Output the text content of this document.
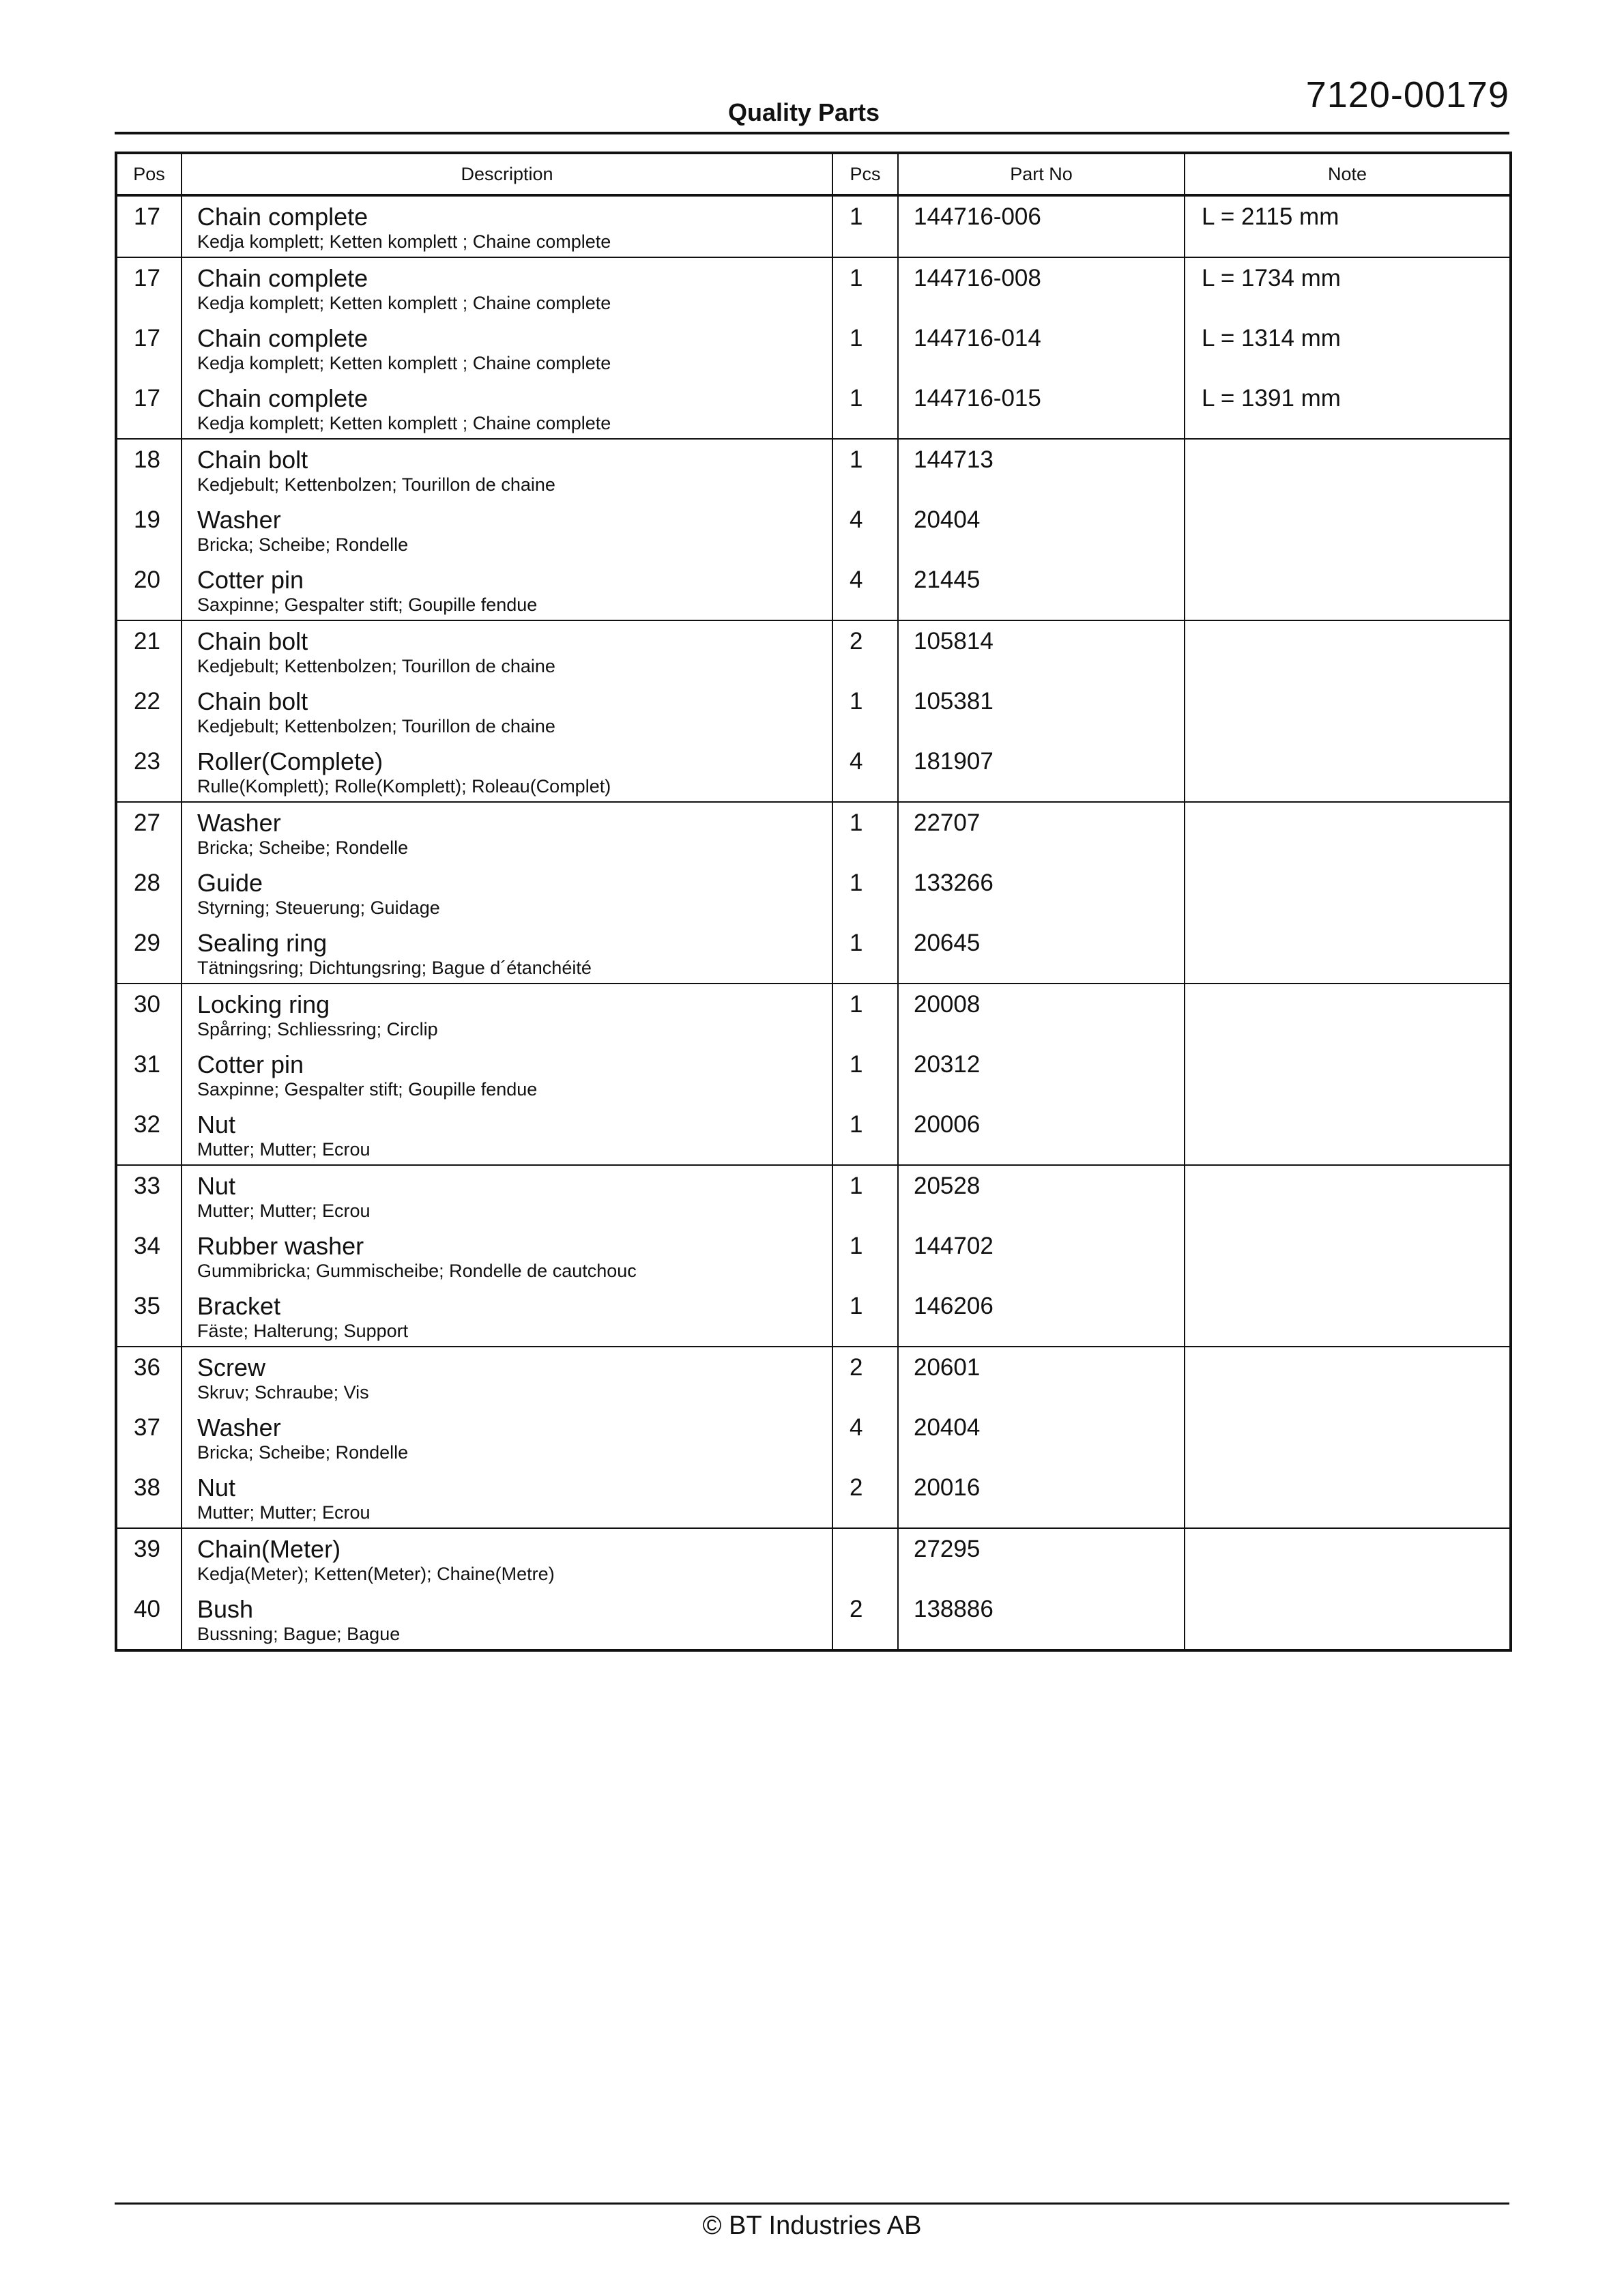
7120-00179
Quality Parts
Pos	Description	Pcs	Part No	Note

17	Chain complete
Kedja komplett; Ketten komplett ; Chaine complete	1	144716-006	L = 2115 mm

17	Chain complete
Kedja komplett; Ketten komplett ; Chaine complete	1	144716-008	L = 1734 mm

17	Chain complete
Kedja komplett; Ketten komplett ; Chaine complete	1	144716-014	L = 1314 mm

17	Chain complete
Kedja komplett; Ketten komplett ; Chaine complete	1	144716-015	L = 1391 mm

18	Chain bolt
Kedjebult; Kettenbolzen; Tourillon de chaine	1	144713	

19	Washer
Bricka; Scheibe; Rondelle	4	20404	

20	Cotter pin
Saxpinne; Gespalter stift; Goupille fendue	4	21445	

21	Chain bolt
Kedjebult; Kettenbolzen; Tourillon de chaine	2	105814	

22	Chain bolt
Kedjebult; Kettenbolzen; Tourillon de chaine	1	105381	

23	Roller(Complete)
Rulle(Komplett); Rolle(Komplett); Roleau(Complet)	4	181907	

27	Washer
Bricka; Scheibe; Rondelle	1	22707	

28	Guide
Styrning; Steuerung; Guidage	1	133266	

29	Sealing ring
Tätningsring; Dichtungsring; Bague d´étanchéité	1	20645	

30	Locking ring
Spårring; Schliessring; Circlip	1	20008	

31	Cotter pin
Saxpinne; Gespalter stift; Goupille fendue	1	20312	

32	Nut
Mutter; Mutter; Ecrou	1	20006	

33	Nut
Mutter; Mutter; Ecrou	1	20528	

34	Rubber washer
Gummibricka; Gummischeibe; Rondelle de cautchouc	1	144702	

35	Bracket
Fäste; Halterung; Support	1	146206	

36	Screw
Skruv; Schraube; Vis	2	20601	

37	Washer
Bricka; Scheibe; Rondelle	4	20404	

38	Nut
Mutter; Mutter; Ecrou	2	20016	

39	Chain(Meter)
Kedja(Meter); Ketten(Meter); Chaine(Metre)		27295	

40	Bush
Bussning; Bague; Bague	2	138886	

© BT Industries AB
